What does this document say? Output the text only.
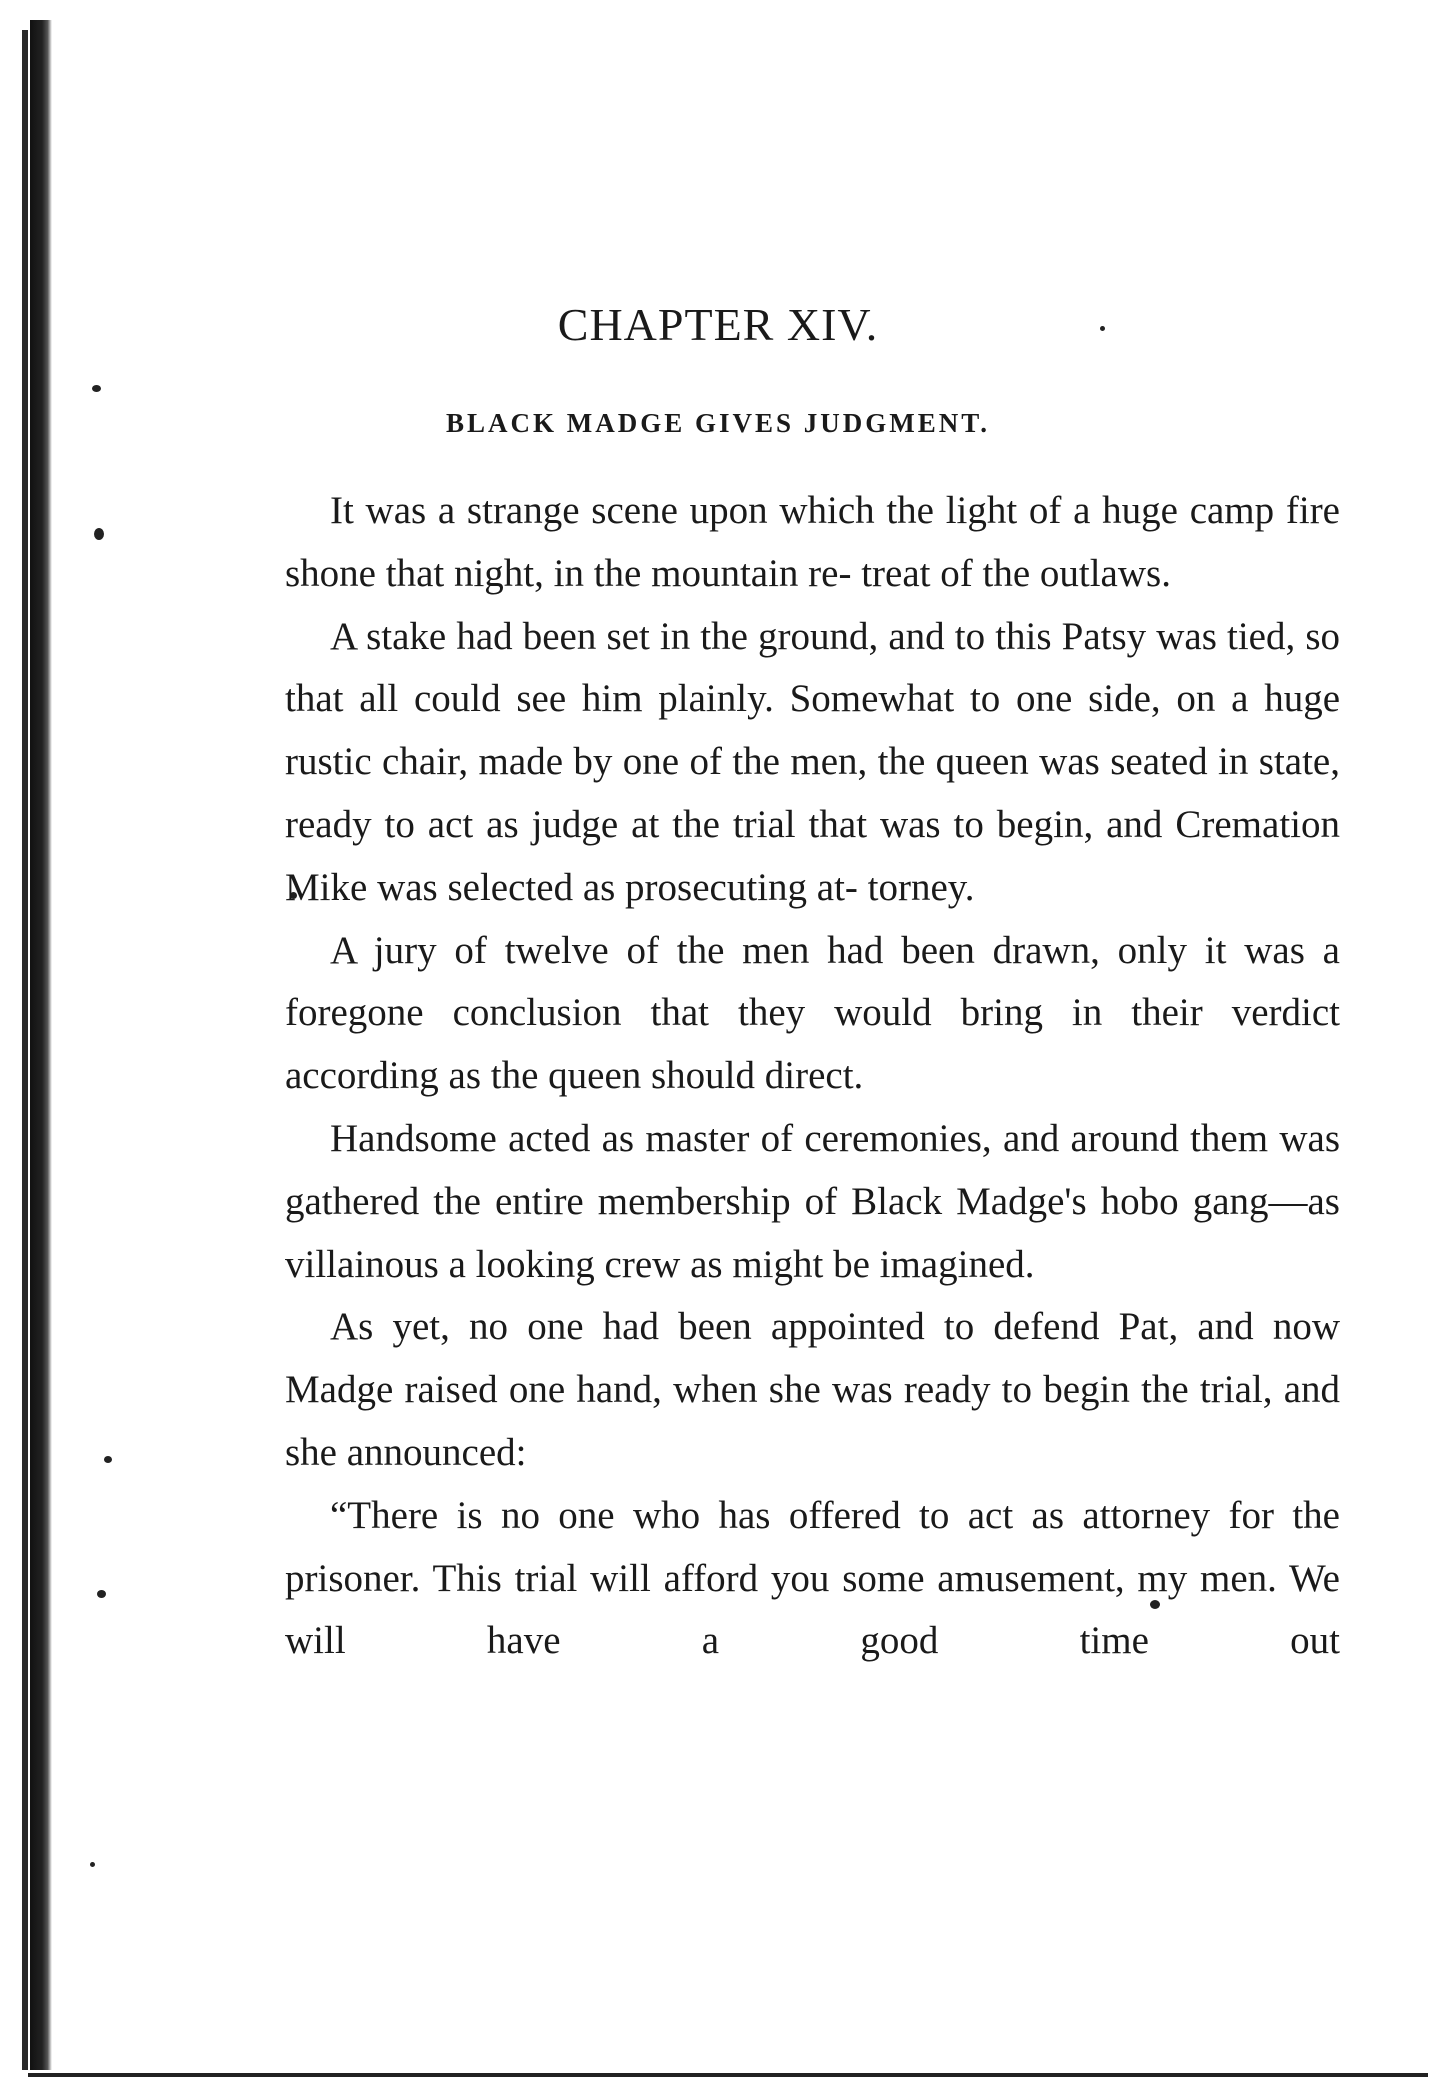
CHAPTER XIV.
BLACK MADGE GIVES JUDGMENT.

It was a strange scene upon which the light of a huge camp fire shone that night, in the mountain re- treat of the outlaws.

A stake had been set in the ground, and to this Patsy was tied, so that all could see him plainly. Somewhat to one side, on a huge rustic chair, made by one of the men, the queen was seated in state, ready to act as judge at the trial that was to begin, and Cremation Mike was selected as prosecuting at- torney.

A jury of twelve of the men had been drawn, only it was a foregone conclusion that they would bring in their verdict according as the queen should direct.

Handsome acted as master of ceremonies, and around them was gathered the entire membership of Black Madge's hobo gang—as villainous a looking crew as might be imagined.

As yet, no one had been appointed to defend Pat, and now Madge raised one hand, when she was ready to begin the trial, and she announced:

“There is no one who has offered to act as attorney for the prisoner. This trial will afford you some amusement, my men. We will have a good time out
